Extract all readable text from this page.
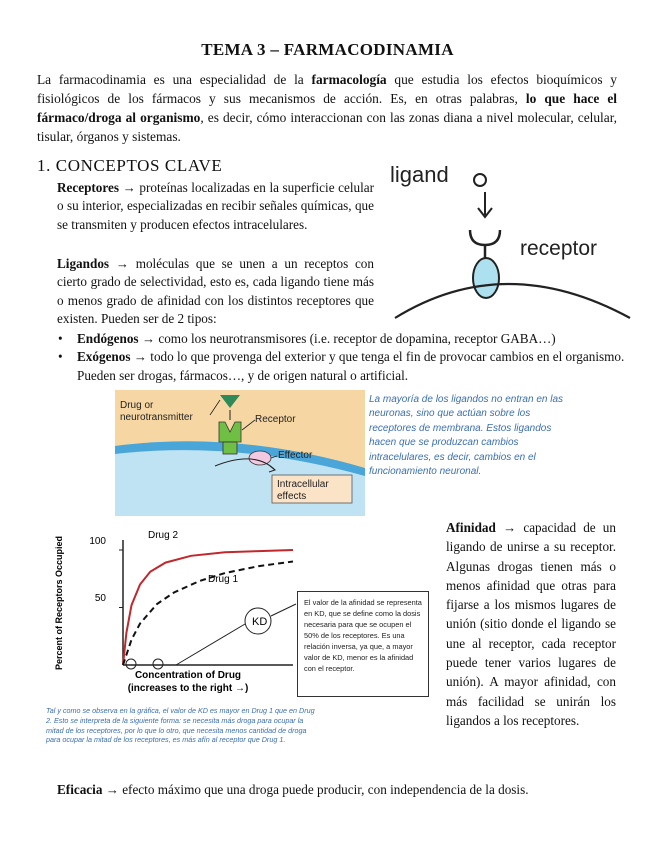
TEMA 3 – FARMACODINAMIA
La farmacodinamia es una especialidad de la farmacología que estudia los efectos bioquímicos y fisiológicos de los fármacos y sus mecanismos de acción. Es, en otras palabras, lo que hace el fármaco/droga al organismo, es decir, cómo interaccionan con las zonas diana a nivel molecular, celular, tisular, órganos y sistemas.
1. CONCEPTOS CLAVE
Receptores → proteínas localizadas en la superficie celular o su interior, especializadas en recibir señales químicas, que se transmiten y producen efectos intracelulares.
Ligandos → moléculas que se unen a un receptos con cierto grado de selectividad, esto es, cada ligando tiene más o menos grado de afinidad con los distintos receptores que existen. Pueden ser de 2 tipos:
• Endógenos → como los neurotransmisores (i.e. receptor de dopamina, receptor GABA…)
• Exógenos → todo lo que provenga del exterior y que tenga el fin de provocar cambios en el organismo. Pueden ser drogas, fármacos…, y de origen natural o artificial.
ligand
receptor
Drug or
neurotransmitter	Receptor
Effector
Intracellular
effects
La mayoría de los ligandos no entran en las neuronas, sino que actúan sobre los receptores de membrana. Estos ligandos hacen que se produzcan cambios intracelulares, es decir, cambios en el funcionamiento neuronal.
Percent of Receptors Occupied
Concentration of Drug
(increases to the right →)
100
50
Drug 2
Drug 1
KD
El valor de la afinidad se representa en KD, que se define como la dosis necesaria para que se ocupen el 50% de los receptores. Es una relación inversa, ya que, a mayor valor de KD, menor es la afinidad con el receptor.
Tal y como se observa en la gráfica, el valor de KD es mayor en Drug 1 que en Drug 2. Esto se interpreta de la siguiente forma: se necesita más droga para ocupar la mitad de los receptores, por lo que lo otro, que necesita menos cantidad de droga para ocupar la mitad de los receptores, es más afín al receptor que Drug 1.
Afinidad → capacidad de un ligando de unirse a su receptor. Algunas drogas tienen más o menos afinidad que otras para fijarse a los mismos lugares de unión (sitio donde el ligando se une al receptor, cada receptor puede tener varios lugares de unión). A mayor afinidad, con más facilidad se unirán los ligandos a los receptores.
Eficacia → efecto máximo que una droga puede producir, con independencia de la dosis.
